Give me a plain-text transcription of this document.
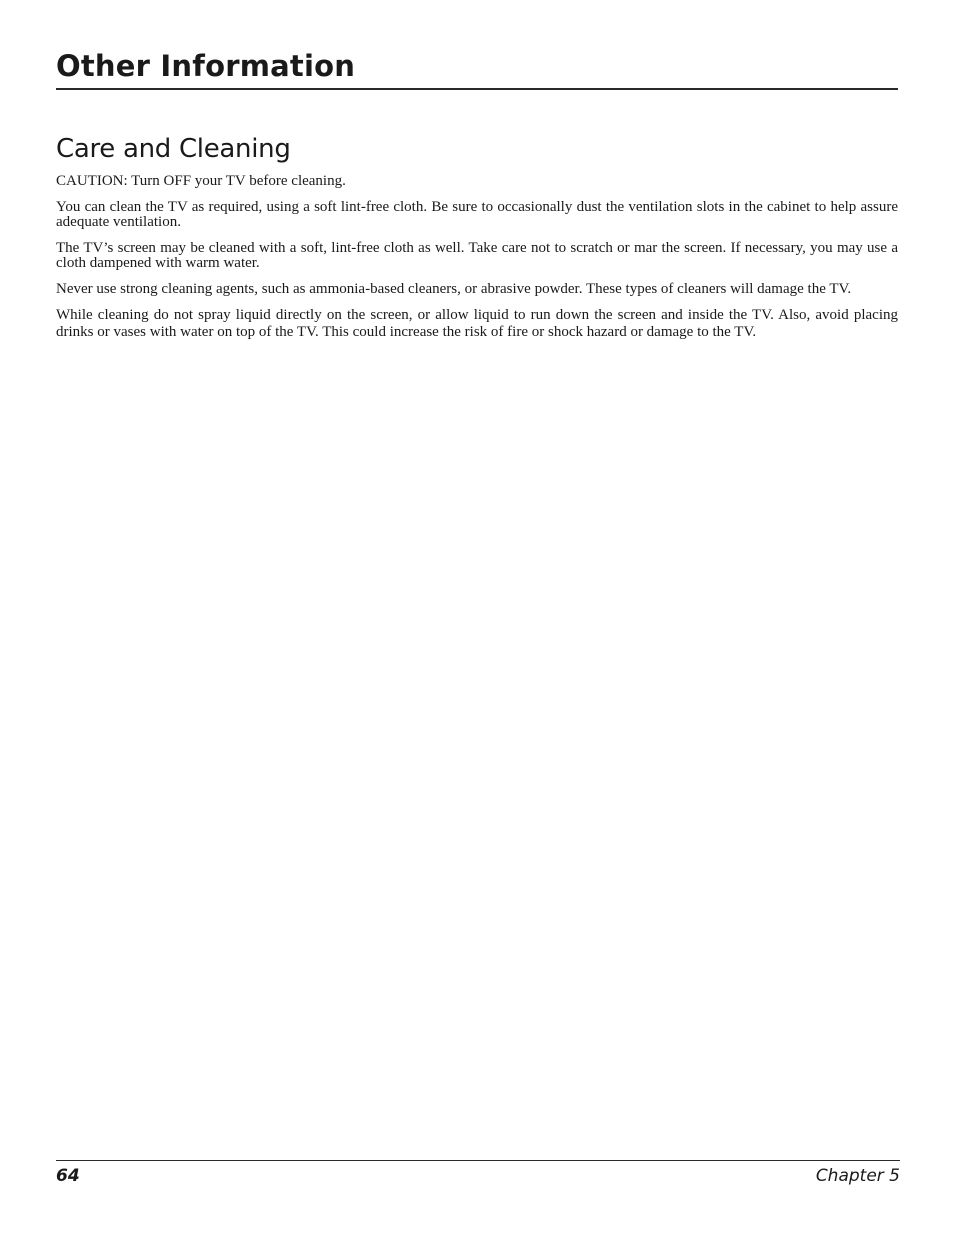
Other Information
Care and Cleaning

CAUTION: Turn OFF your TV before cleaning.

You can clean the TV as required, using a soft lint-free cloth. Be sure to occasionally dust the ventilation slots in the cabinet to help assure adequate ventilation.

The TV’s screen may be cleaned with a soft, lint-free cloth as well. Take care not to scratch or mar the screen. If necessary, you may use a cloth dampened with warm water.

Never use strong cleaning agents, such as ammonia-based cleaners, or abrasive powder. These types of cleaners will damage the TV.

While cleaning do not spray liquid directly on the screen, or allow liquid to run down the screen and inside the TV. Also, avoid placing drinks or vases with water on top of the TV. This could increase the risk of fire or shock hazard or damage to the TV.

64	Chapter 5
